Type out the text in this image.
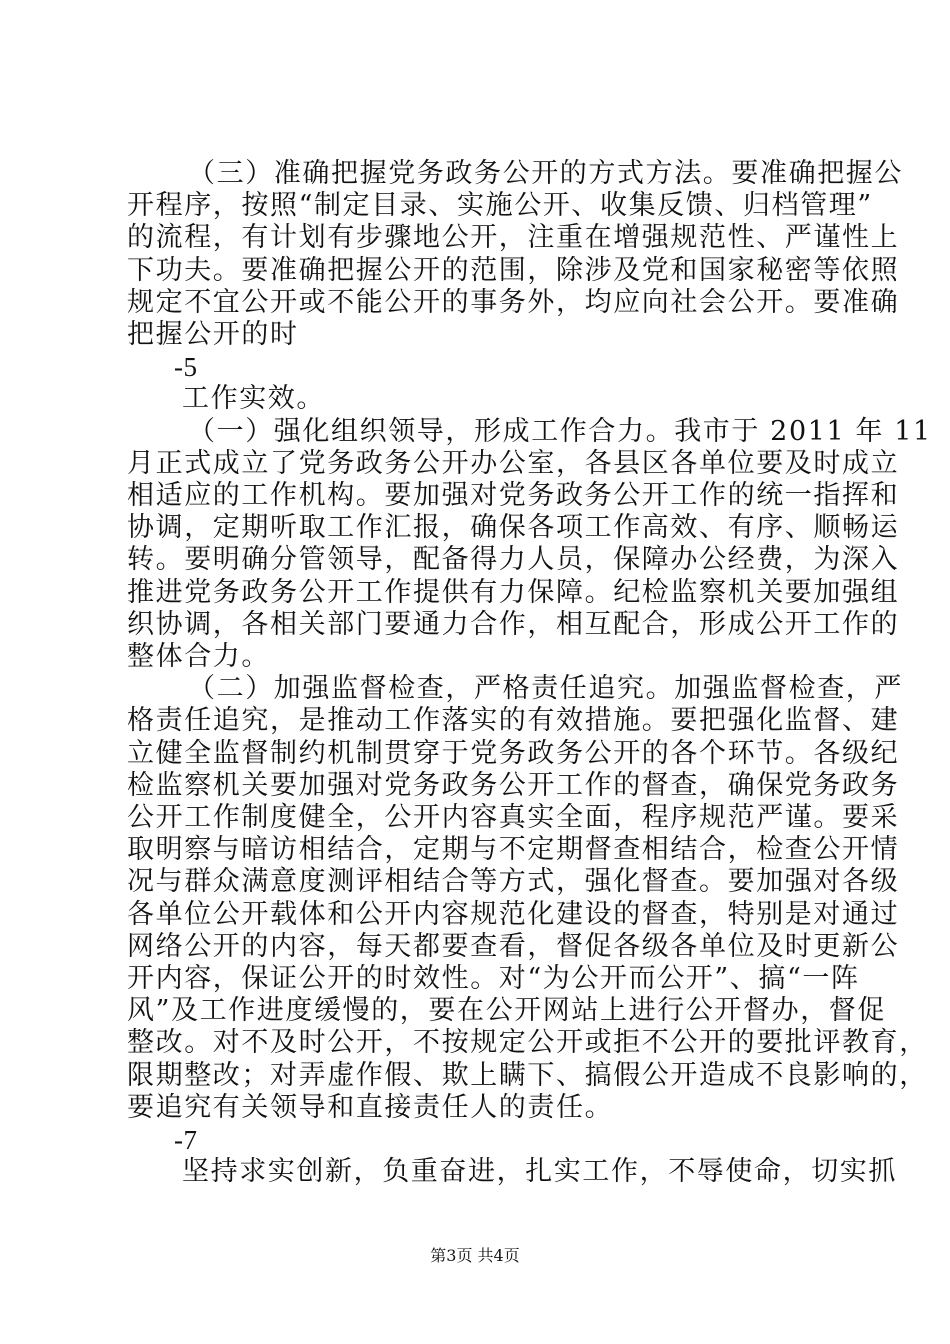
（三）准确把握党务政务公开的方式方法。要准确把握公
开程序，按照“制定目录、实施公开、收集反馈、归档管理”
的流程，有计划有步骤地公开，注重在增强规范性、严谨性上
下功夫。要准确把握公开的范围，除涉及党和国家秘密等依照
规定不宜公开或不能公开的事务外，均应向社会公开。要准确
把握公开的时
-5
工作实效。
（一）强化组织领导，形成工作合力。我市于 2011 年 11
月正式成立了党务政务公开办公室，各县区各单位要及时成立
相适应的工作机构。要加强对党务政务公开工作的统一指挥和
协调，定期听取工作汇报，确保各项工作高效、有序、顺畅运
转。要明确分管领导，配备得力人员，保障办公经费，为深入
推进党务政务公开工作提供有力保障。纪检监察机关要加强组
织协调，各相关部门要通力合作，相互配合，形成公开工作的
整体合力。
（二）加强监督检查，严格责任追究。加强监督检查，严
格责任追究，是推动工作落实的有效措施。要把强化监督、建
立健全监督制约机制贯穿于党务政务公开的各个环节。各级纪
检监察机关要加强对党务政务公开工作的督查，确保党务政务
公开工作制度健全，公开内容真实全面，程序规范严谨。要采
取明察与暗访相结合，定期与不定期督查相结合，检查公开情
况与群众满意度测评相结合等方式，强化督查。要加强对各级
各单位公开载体和公开内容规范化建设的督查，特别是对通过
网络公开的内容，每天都要查看，督促各级各单位及时更新公
开内容，保证公开的时效性。对“为公开而公开”、搞“一阵
风”及工作进度缓慢的，要在公开网站上进行公开督办，督促
整改。对不及时公开，不按规定公开或拒不公开的要批评教育，
限期整改；对弄虚作假、欺上瞒下、搞假公开造成不良影响的，
要追究有关领导和直接责任人的责任。
-7
坚持求实创新，负重奋进，扎实工作，不辱使命，切实抓
第3页 共4页
